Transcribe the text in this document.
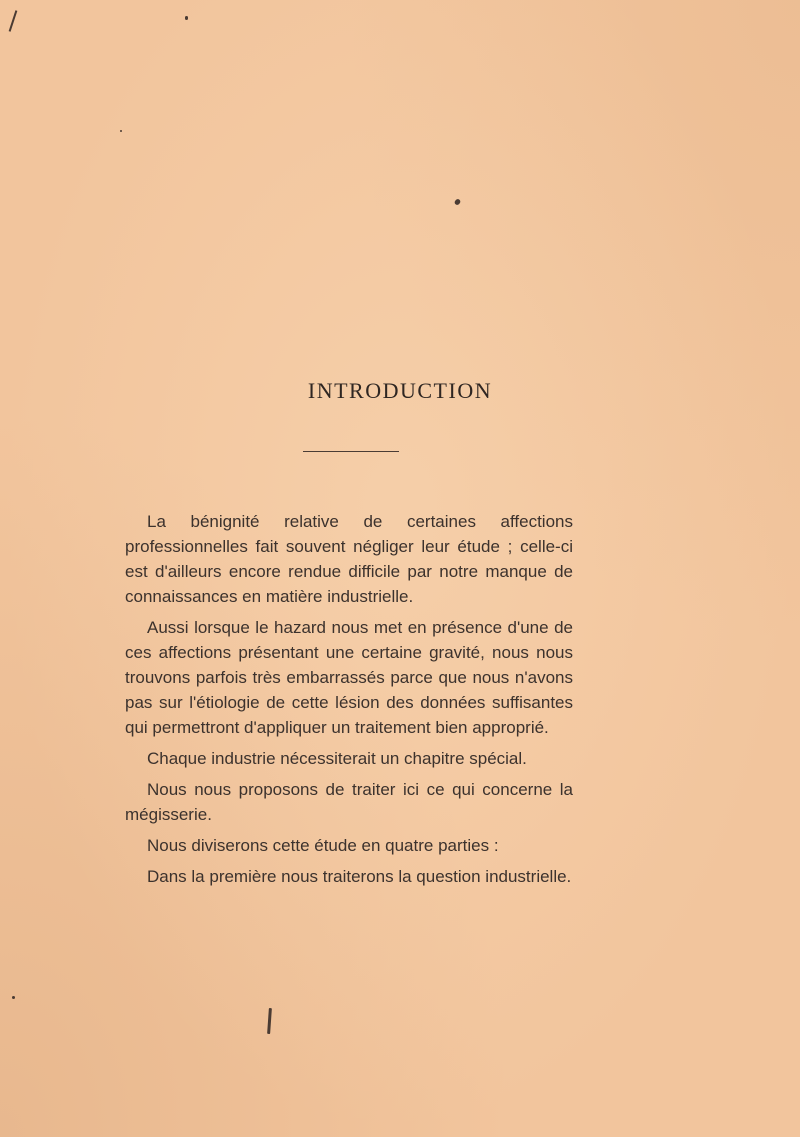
INTRODUCTION

La bénignité relative de certaines affections professionnelles fait souvent négliger leur étude ; celle-ci est d'ailleurs encore rendue difficile par notre manque de connaissances en matière industrielle.

Aussi lorsque le hazard nous met en présence d'une de ces affections présentant une certaine gravité, nous nous trouvons parfois très embarrassés parce que nous n'avons pas sur l'étiologie de cette lésion des données suffisantes qui permettront d'appliquer un traitement bien approprié.

Chaque industrie nécessiterait un chapitre spécial.

Nous nous proposons de traiter ici ce qui concerne la mégisserie.

Nous diviserons cette étude en quatre parties :

Dans la première nous traiterons la question industrielle.
